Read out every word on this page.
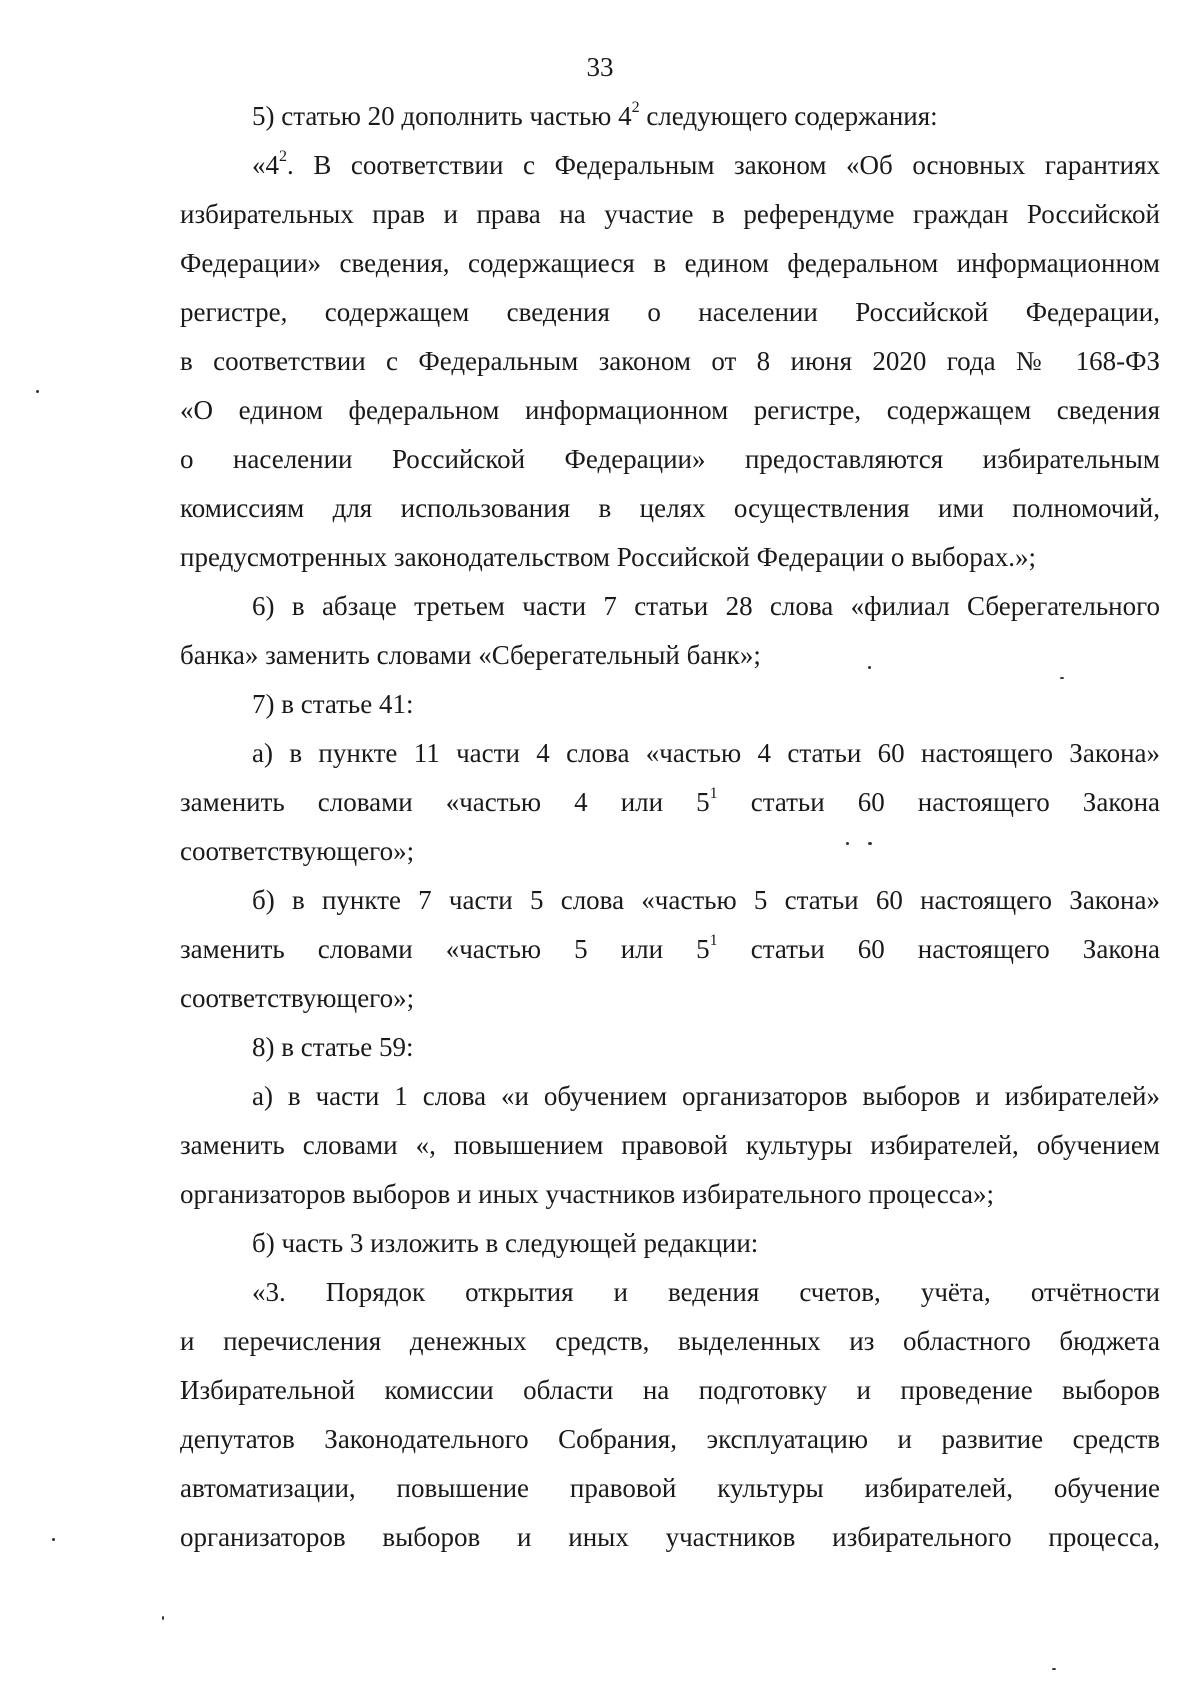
33

5) статью 20 дополнить частью $4^2$ следующего содержания:

«$4^2$. В соответствии с Федеральным законом «Об основных гарантиях

избирательных прав и права на участие в референдуме граждан Российской

Федерации» сведения, содержащиеся в едином федеральном информационном

регистре, содержащем сведения о населении Российской Федерации,

в соответствии с Федеральным законом от 8 июня 2020 года № 168-ФЗ

«О едином федеральном информационном регистре, содержащем сведения

о населении Российской Федерации» предоставляются избирательным

комиссиям для использования в целях осуществления ими полномочий,

предусмотренных законодательством Российской Федерации о выборах.»;

6) в абзаце третьем части 7 статьи 28 слова «филиал Сберегательного

банка» заменить словами «Сберегательный банк»;

7) в статье 41:

а) в пункте 11 части 4 слова «частью 4 статьи 60 настоящего Закона»

заменить словами «частью 4 или $5^1$ статьи 60 настоящего Закона

соответствующего»;

б) в пункте 7 части 5 слова «частью 5 статьи 60 настоящего Закона»

заменить словами «частью 5 или $5^1$ статьи 60 настоящего Закона

соответствующего»;

8) в статье 59:

а) в части 1 слова «и обучением организаторов выборов и избирателей»

заменить словами «, повышением правовой культуры избирателей, обучением

организаторов выборов и иных участников избирательного процесса»;

б) часть 3 изложить в следующей редакции:

«3. Порядок открытия и ведения счетов, учёта, отчётности

и перечисления денежных средств, выделенных из областного бюджета

Избирательной комиссии области на подготовку и проведение выборов

депутатов Законодательного Собрания, эксплуатацию и развитие средств

автоматизации, повышение правовой культуры избирателей, обучение

организаторов выборов и иных участников избирательного процесса,
